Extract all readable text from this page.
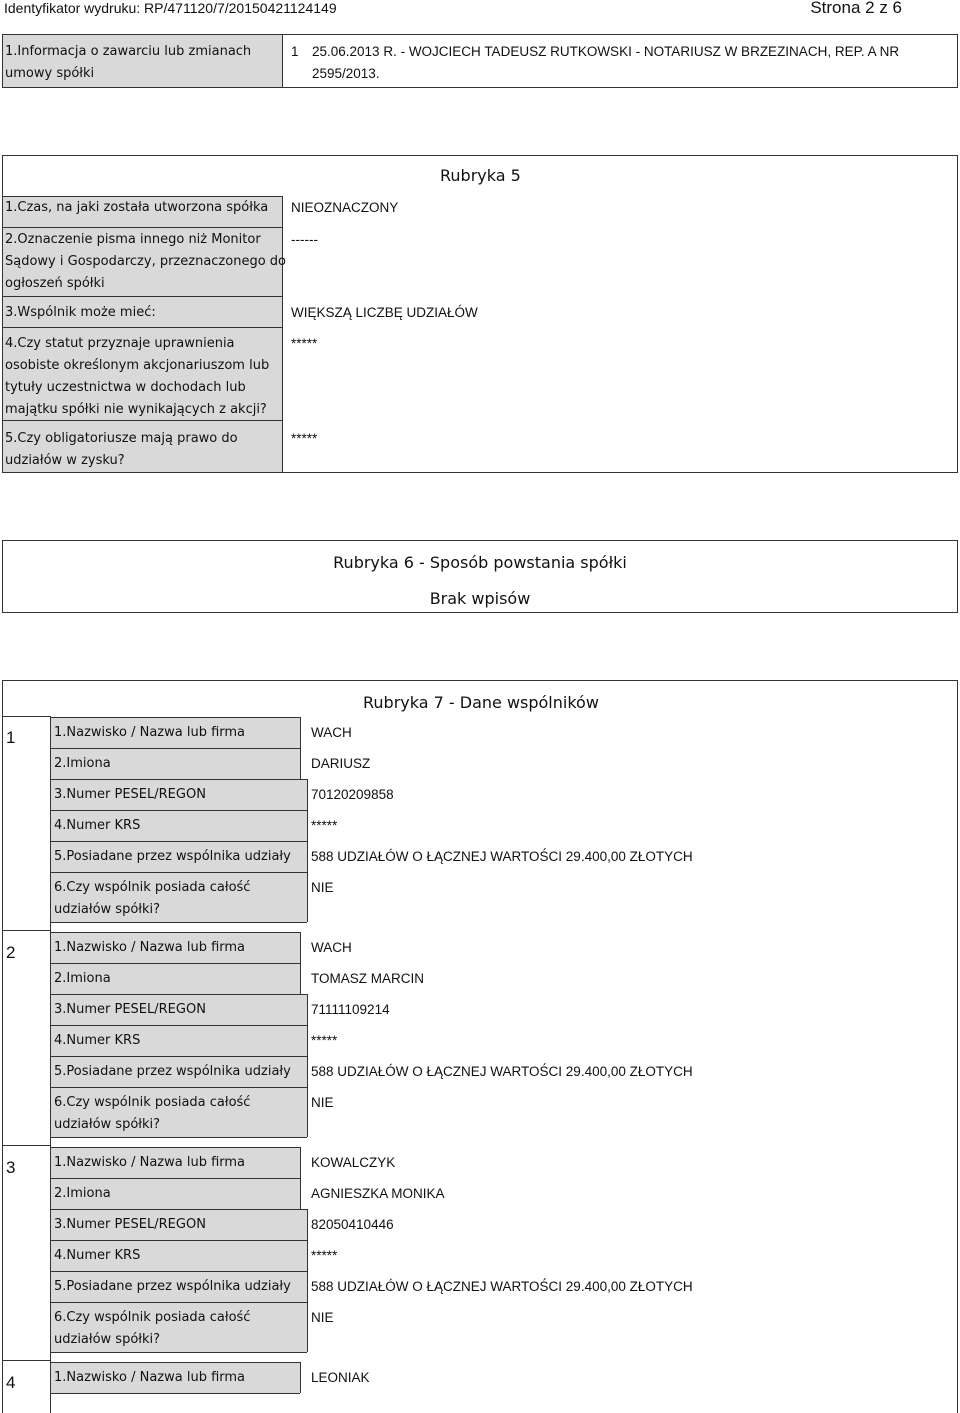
Identyfikator wydruku: RP/471120/7/20150421124149	Strona 2 z 6
1.Informacja o zawarciu lub zmianach
umowy spółki
1 25.06.2013 R. - WOJCIECH TADEUSZ RUTKOWSKI - NOTARIUSZ W BRZEZINACH, REP. A NR
2595/2013.
Rubryka 5
1.Czas, na jaki została utworzona spółka NIEOZNACZONY
2.Oznaczenie pisma innego niż Monitor
Sądowy i Gospodarczy, przeznaczonego do
ogłoszeń spółki
------
3.Wspólnik może mieć:	WIĘKSZĄ LICZBĘ UDZIAŁÓW
4.Czy statut przyznaje uprawnienia
osobiste określonym akcjonariuszom lub
tytuły uczestnictwa w dochodach lub
majątku spółki nie wynikających z akcji?
*****
5.Czy obligatoriusze mają prawo do
udziałów w zysku?
*****
Rubryka 6 - Sposób powstania spółki
Brak wpisów
Rubryka 7 - Dane wspólników
1	1.Nazwisko / Nazwa lub firma	WACH
2.Imiona	DARIUSZ
3.Numer PESEL/REGON	70120209858
4.Numer KRS	*****
5.Posiadane przez wspólnika udziały 588 UDZIAŁÓW O ŁĄCZNEJ WARTOŚCI 29.400,00 ZŁOTYCH
6.Czy wspólnik posiada całość
udziałów spółki?
NIE
2	1.Nazwisko / Nazwa lub firma	WACH
2.Imiona	TOMASZ MARCIN
3.Numer PESEL/REGON	71111109214
4.Numer KRS	*****
5.Posiadane przez wspólnika udziały 588 UDZIAŁÓW O ŁĄCZNEJ WARTOŚCI 29.400,00 ZŁOTYCH
6.Czy wspólnik posiada całość
udziałów spółki?
NIE
3	1.Nazwisko / Nazwa lub firma	KOWALCZYK
2.Imiona	AGNIESZKA MONIKA
3.Numer PESEL/REGON	82050410446
4.Numer KRS	*****
5.Posiadane przez wspólnika udziały 588 UDZIAŁÓW O ŁĄCZNEJ WARTOŚCI 29.400,00 ZŁOTYCH
6.Czy wspólnik posiada całość
udziałów spółki?
NIE
4	1.Nazwisko / Nazwa lub firma	LEONIAK
